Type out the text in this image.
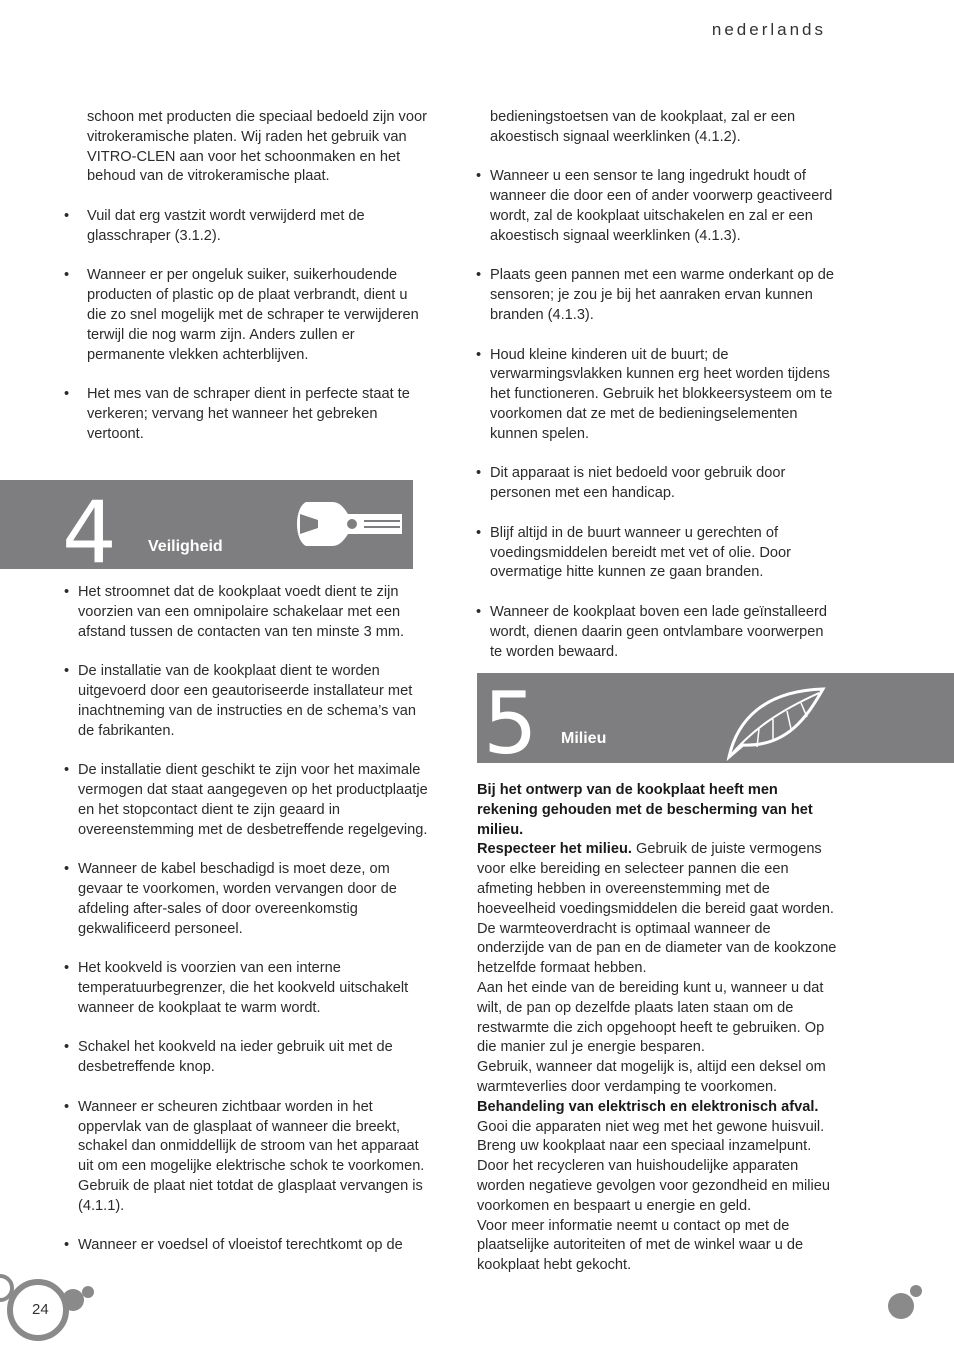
nederlands

schoon met producten die speciaal bedoeld zijn voor vitrokeramische platen. Wij raden het gebruik van VITRO-CLEN aan voor het schoonmaken en het behoud van de vitrokeramische plaat.

• Vuil dat erg vastzit wordt verwijderd met de glasschraper (3.1.2).
• Wanneer er per ongeluk suiker, suikerhoudende producten of plastic op de plaat verbrandt, dient u die zo snel mogelijk met de schraper te verwijderen terwijl die nog warm zijn. Anders zullen er permanente vlekken achterblijven.
• Het mes van de schraper dient in perfecte staat te verkeren; vervang het wanneer het gebreken vertoont.
4 Veiligheid
• Het stroomnet dat de kookplaat voedt dient te zijn voorzien van een omnipolaire schakelaar met een afstand tussen de contacten van ten minste 3 mm.
• De installatie van de kookplaat dient te worden uitgevoerd door een geautoriseerde installateur met inachtneming van de instructies en de schema’s van de fabrikanten.
• De installatie dient geschikt te zijn voor het maximale vermogen dat staat aangegeven op het productplaatje en het stopcontact dient te zijn geaard in overeenstemming met de desbetreffende regelgeving.
• Wanneer de kabel beschadigd is moet deze, om gevaar te voorkomen, worden vervangen door de afdeling after-sales of door overeenkomstig gekwalificeerd personeel.
• Het kookveld is voorzien van een interne temperatuurbegrenzer, die het kookveld uitschakelt wanneer de kookplaat te warm wordt.
• Schakel het kookveld na ieder gebruik uit met de desbetreffende knop.
• Wanneer er scheuren zichtbaar worden in het oppervlak van de glasplaat of wanneer die breekt, schakel dan onmiddellijk de stroom van het apparaat uit om een mogelijke elektrische schok te voorkomen. Gebruik de plaat niet totdat de glasplaat vervangen is (4.1.1).
• Wanneer er voedsel of vloeistof terechtkomt op de

bedieningstoetsen van de kookplaat, zal er een akoestisch signaal weerklinken (4.1.2).

• Wanneer u een sensor te lang ingedrukt houdt of wanneer die door een of ander voorwerp geactiveerd wordt, zal de kookplaat uitschakelen en zal er een akoestisch signaal weerklinken (4.1.3).
• Plaats geen pannen met een warme onderkant op de sensoren; je zou je bij het aanraken ervan kunnen branden (4.1.3).
• Houd kleine kinderen uit de buurt; de verwarmingsvlakken kunnen erg heet worden tijdens het functioneren. Gebruik het blokkeersysteem om te voorkomen dat ze met de bedieningselementen kunnen spelen.
• Dit apparaat is niet bedoeld voor gebruik door personen met een handicap.
• Blijf altijd in de buurt wanneer u gerechten of voedingsmiddelen bereidt met vet of olie. Door overmatige hitte kunnen ze gaan branden.
• Wanneer de kookplaat boven een lade geïnstalleerd wordt, dienen daarin geen ontvlambare voorwerpen te worden bewaard.
5 Milieu

Bij het ontwerp van de kookplaat heeft men rekening gehouden met de bescherming van het milieu.

Respecteer het milieu. Gebruik de juiste vermogens voor elke bereiding en selecteer pannen die een afmeting hebben in overeenstemming met de hoeveelheid voedingsmiddelen die bereid gaat worden. De warmteoverdracht is optimaal wanneer de onderzijde van de pan en de diameter van de kookzone hetzelfde formaat hebben.

Aan het einde van de bereiding kunt u, wanneer u dat wilt, de pan op dezelfde plaats laten staan om de restwarmte die zich opgehoopt heeft te gebruiken. Op die manier zul je energie besparen.

Gebruik, wanneer dat mogelijk is, altijd een deksel om warmteverlies door verdamping te voorkomen.

Behandeling van elektrisch en elektronisch afval.

Gooi die apparaten niet weg met het gewone huisvuil. Breng uw kookplaat naar een speciaal inzamelpunt. Door het recycleren van huishoudelijke apparaten worden negatieve gevolgen voor gezondheid en milieu voorkomen en bespaart u energie en geld.

Voor meer informatie neemt u contact op met de plaatselijke autoriteiten of met de winkel waar u de kookplaat hebt gekocht.

24
